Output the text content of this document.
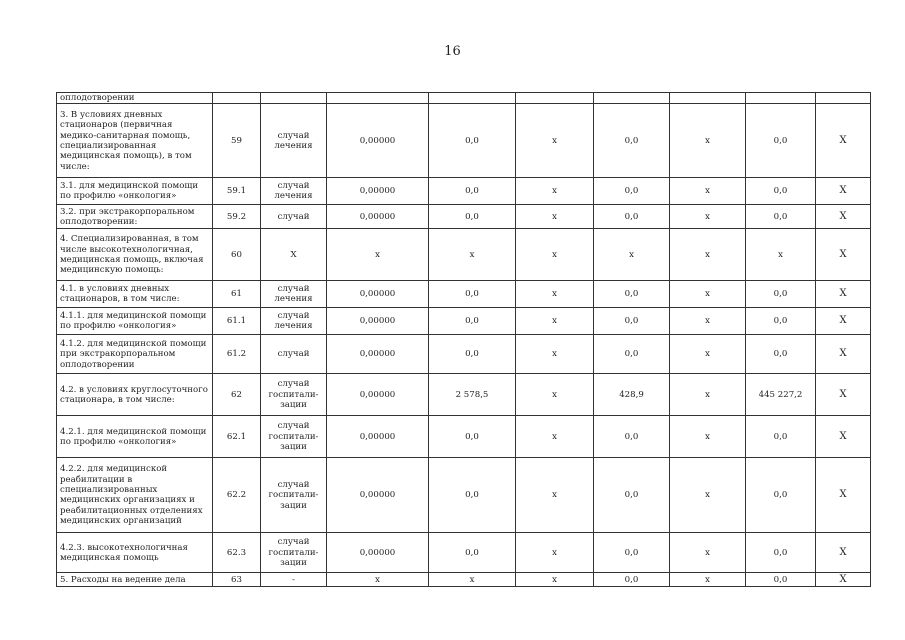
16
оплодотворении									
3. В условиях дневных стационаров (первичная медико-санитарная помощь, специализированная медицинская помощь), в том числе:	59	случай лечения	0,00000	0,0	х	0,0	х	0,0	Х
3.1. для медицинской помощи по профилю «онкология»	59.1	случай лечения	0,00000	0,0	х	0,0	х	0,0	Х
3.2. при экстракорпоральном оплодотворении:	59.2	случай	0,00000	0,0	х	0,0	х	0,0	Х
4. Специализированная, в том числе высокотехнологичная, медицинская помощь, включая медицинскую помощь:	60	Х	х	х	х	х	х	х	Х
4.1. в условиях дневных стационаров, в том числе:	61	случай лечения	0,00000	0,0	х	0,0	х	0,0	Х
4.1.1. для медицинской помощи по профилю «онкология»	61.1	случай лечения	0,00000	0,0	х	0,0	х	0,0	Х
4.1.2. для медицинской помощи при экстракорпоральном оплодотворении	61.2	случай	0,00000	0,0	х	0,0	х	0,0	Х
4.2. в условиях круглосуточного стационара, в том числе:	62	случай госпитали-зации	0,00000	2 578,5	х	428,9	х	445 227,2	Х
4.2.1. для медицинской помощи по профилю «онкология»	62.1	случай госпитали-зации	0,00000	0,0	х	0,0	х	0,0	Х
4.2.2. для медицинской реабилитации в специализированных медицинских организациях и реабилитационных отделениях медицинских организаций	62.2	случай госпитали-зации	0,00000	0,0	х	0,0	х	0,0	Х
4.2.3. высокотехнологичная медицинская помощь	62.3	случай госпитали-зации	0,00000	0,0	х	0,0	х	0,0	Х
5. Расходы на ведение дела	63	-	х	х	х	0,0	х	0,0	Х
